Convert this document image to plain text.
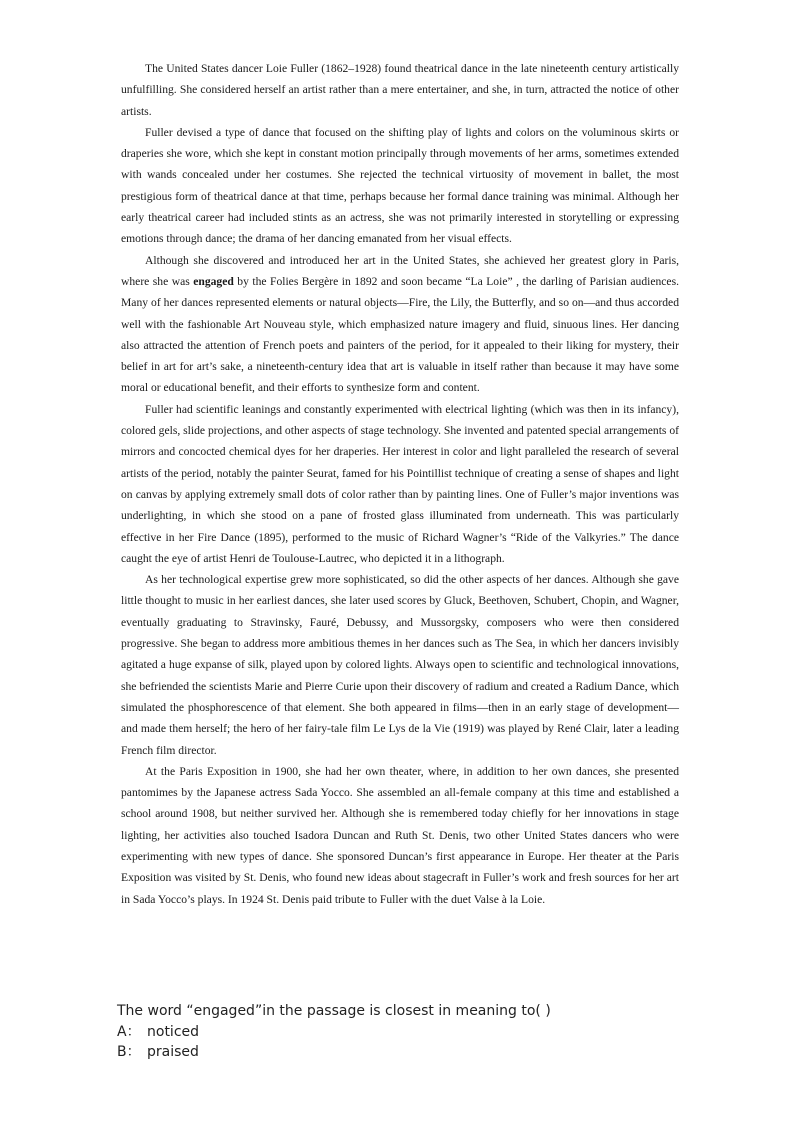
The United States dancer Loie Fuller (1862–1928) found theatrical dance in the late nineteenth century artistically unfulfilling. She considered herself an artist rather than a mere entertainer, and she, in turn, attracted the notice of other artists.

Fuller devised a type of dance that focused on the shifting play of lights and colors on the voluminous skirts or draperies she wore, which she kept in constant motion principally through movements of her arms, sometimes extended with wands concealed under her costumes. She rejected the technical virtuosity of movement in ballet, the most prestigious form of theatrical dance at that time, perhaps because her formal dance training was minimal. Although her early theatrical career had included stints as an actress, she was not primarily interested in storytelling or expressing emotions through dance; the drama of her dancing emanated from her visual effects.

Although she discovered and introduced her art in the United States, she achieved her greatest glory in Paris, where she was engaged by the Folies Bergère in 1892 and soon became “La Loie” , the darling of Parisian audiences. Many of her dances represented elements or natural objects—Fire, the Lily, the Butterfly, and so on—and thus accorded well with the fashionable Art Nouveau style, which emphasized nature imagery and fluid, sinuous lines. Her dancing also attracted the attention of French poets and painters of the period, for it appealed to their liking for mystery, their belief in art for art’s sake, a nineteenth-century idea that art is valuable in itself rather than because it may have some moral or educational benefit, and their efforts to synthesize form and content.

Fuller had scientific leanings and constantly experimented with electrical lighting (which was then in its infancy), colored gels, slide projections, and other aspects of stage technology. She invented and patented special arrangements of mirrors and concocted chemical dyes for her draperies. Her interest in color and light paralleled the research of several artists of the period, notably the painter Seurat, famed for his Pointillist technique of creating a sense of shapes and light on canvas by applying extremely small dots of color rather than by painting lines. One of Fuller’s major inventions was underlighting, in which she stood on a pane of frosted glass illuminated from underneath. This was particularly effective in her Fire Dance (1895), performed to the music of Richard Wagner’s “Ride of the Valkyries.” The dance caught the eye of artist Henri de Toulouse-Lautrec, who depicted it in a lithograph.

As her technological expertise grew more sophisticated, so did the other aspects of her dances. Although she gave little thought to music in her earliest dances, she later used scores by Gluck, Beethoven, Schubert, Chopin, and Wagner, eventually graduating to Stravinsky, Fauré, Debussy, and Mussorgsky, composers who were then considered progressive. She began to address more ambitious themes in her dances such as The Sea, in which her dancers invisibly agitated a huge expanse of silk, played upon by colored lights. Always open to scientific and technological innovations, she befriended the scientists Marie and Pierre Curie upon their discovery of radium and created a Radium Dance, which simulated the phosphorescence of that element. She both appeared in films—then in an early stage of development—and made them herself; the hero of her fairy-tale film Le Lys de la Vie (1919) was played by René Clair, later a leading French film director.

At the Paris Exposition in 1900, she had her own theater, where, in addition to her own dances, she presented pantomimes by the Japanese actress Sada Yocco. She assembled an all-female company at this time and established a school around 1908, but neither survived her. Although she is remembered today chiefly for her innovations in stage lighting, her activities also touched Isadora Duncan and Ruth St. Denis, two other United States dancers who were experimenting with new types of dance. She sponsored Duncan’s first appearance in Europe. Her theater at the Paris Exposition was visited by St. Denis, who found new ideas about stagecraft in Fuller’s work and fresh sources for her art in Sada Yocco’s plays. In 1924 St. Denis paid tribute to Fuller with the duet Valse à la Loie.

The word “engaged”in the passage is closest in meaning to( )
A： noticed
B： praised
